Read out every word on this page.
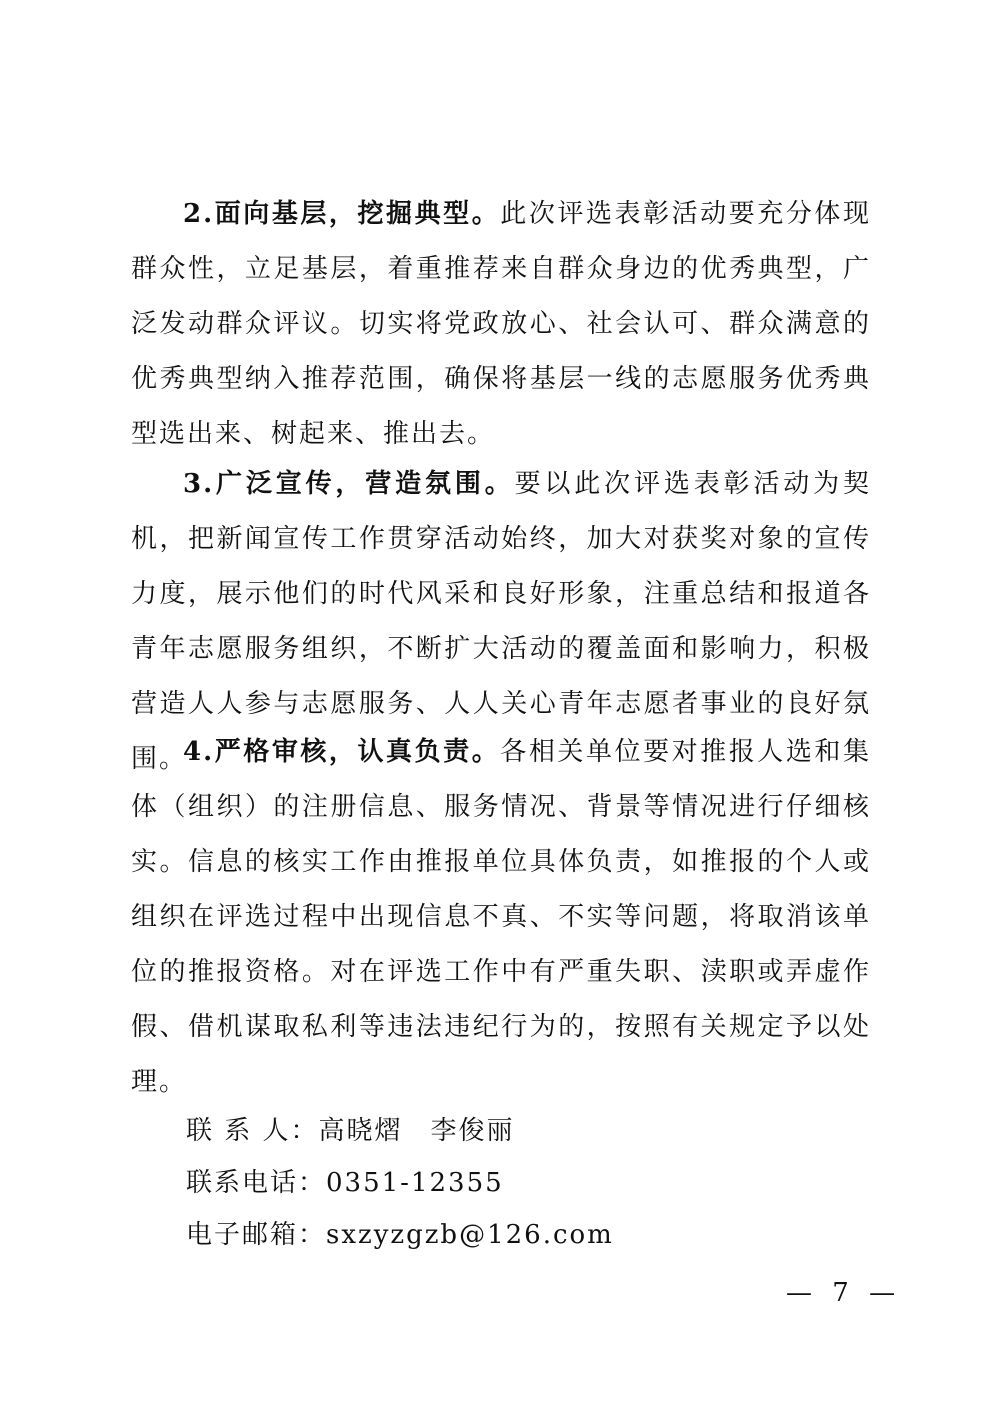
2.面向基层，挖掘典型。此次评选表彰活动要充分体现群众性，立足基层，着重推荐来自群众身边的优秀典型，广泛发动群众评议。切实将党政放心、社会认可、群众满意的优秀典型纳入推荐范围，确保将基层一线的志愿服务优秀典型选出来、树起来、推出去。

3.广泛宣传，营造氛围。要以此次评选表彰活动为契机，把新闻宣传工作贯穿活动始终，加大对获奖对象的宣传力度，展示他们的时代风采和良好形象，注重总结和报道各青年志愿服务组织，不断扩大活动的覆盖面和影响力，积极营造人人参与志愿服务、人人关心青年志愿者事业的良好氛围。

4.严格审核，认真负责。各相关单位要对推报人选和集体（组织）的注册信息、服务情况、背景等情况进行仔细核实。信息的核实工作由推报单位具体负责，如推报的个人或组织在评选过程中出现信息不真、不实等问题，将取消该单位的推报资格。对在评选工作中有严重失职、渎职或弄虚作假、借机谋取私利等违法违纪行为的，按照有关规定予以处理。

联 系 人：高晓熠　李俊丽
联系电话：0351-12355
电子邮箱：sxzyzgzb@126.com
— 7 —
